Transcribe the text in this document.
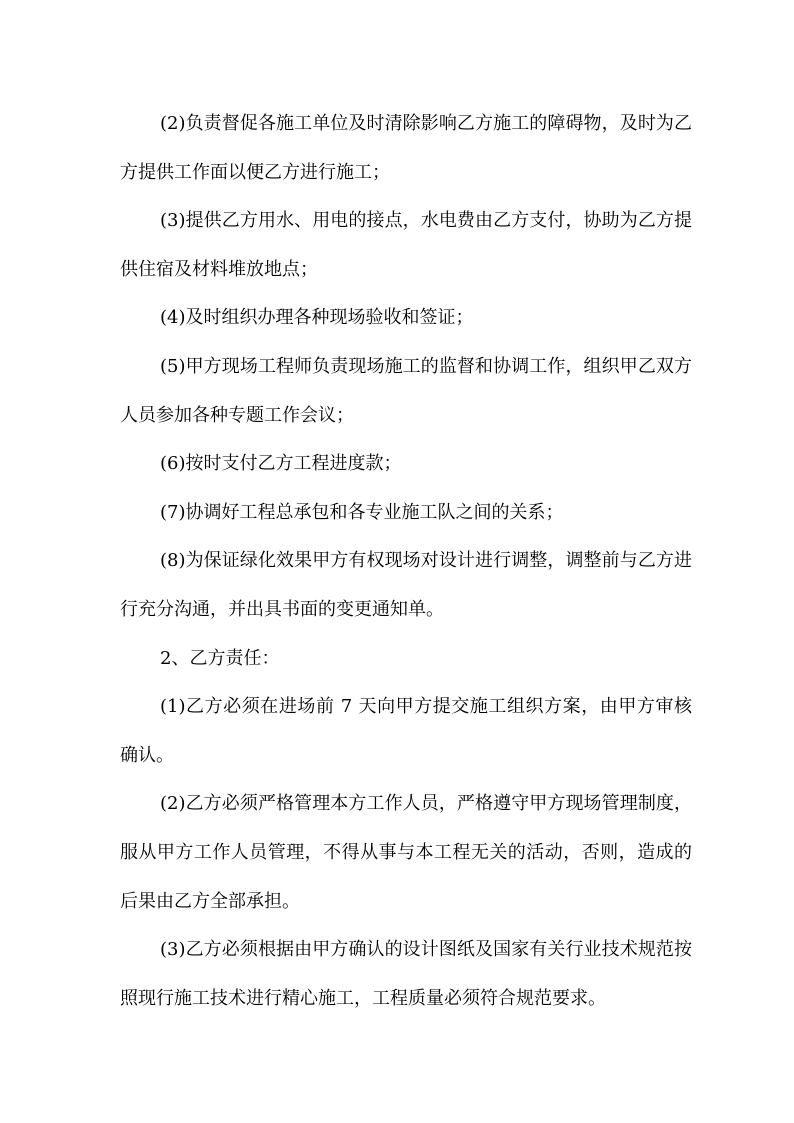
(2)负责督促各施工单位及时清除影响乙方施工的障碍物，及时为乙方提供工作面以便乙方进行施工；

(3)提供乙方用水、用电的接点，水电费由乙方支付，协助为乙方提供住宿及材料堆放地点；

(4)及时组织办理各种现场验收和签证；

(5)甲方现场工程师负责现场施工的监督和协调工作，组织甲乙双方人员参加各种专题工作会议；

(6)按时支付乙方工程进度款；

(7)协调好工程总承包和各专业施工队之间的关系；

(8)为保证绿化效果甲方有权现场对设计进行调整，调整前与乙方进行充分沟通，并出具书面的变更通知单。

2、乙方责任：

(1)乙方必须在进场前 7 天向甲方提交施工组织方案，由甲方审核确认。

(2)乙方必须严格管理本方工作人员，严格遵守甲方现场管理制度，服从甲方工作人员管理，不得从事与本工程无关的活动，否则，造成的后果由乙方全部承担。

(3)乙方必须根据由甲方确认的设计图纸及国家有关行业技术规范按照现行施工技术进行精心施工，工程质量必须符合规范要求。
